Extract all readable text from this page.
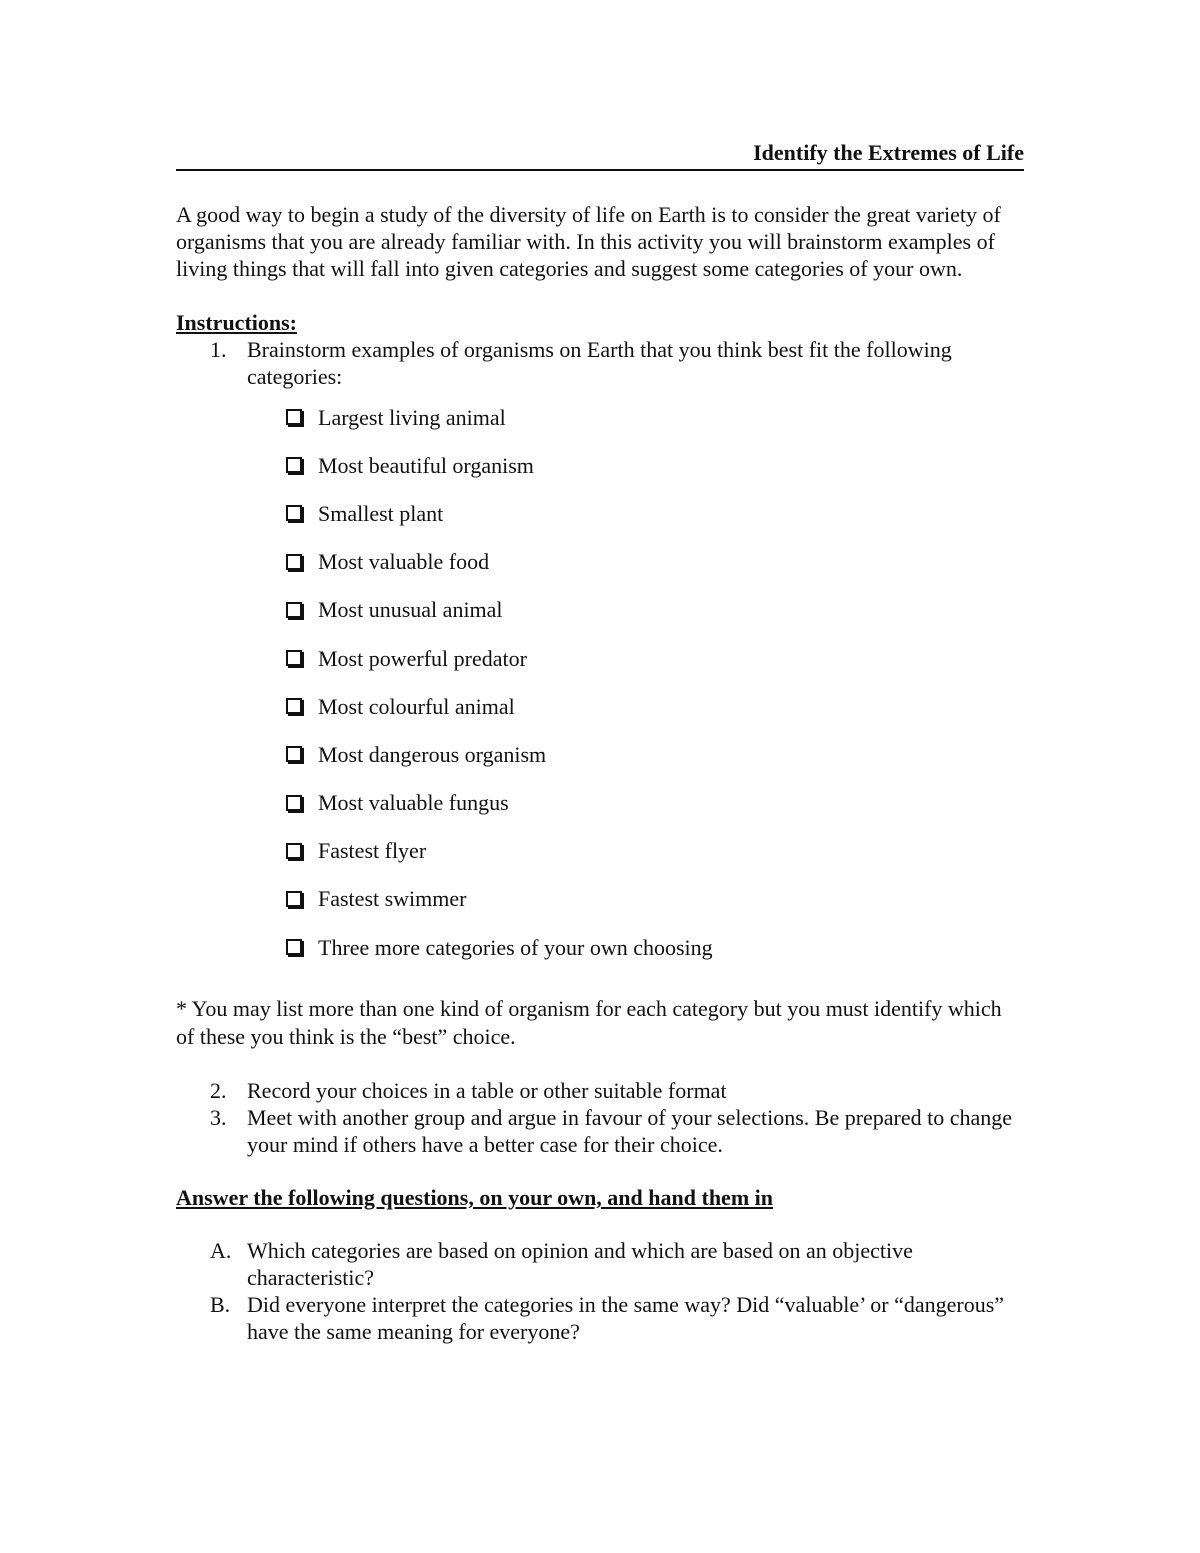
Identify the Extremes of Life

A good way to begin a study of the diversity of life on Earth is to consider the great variety of organisms that you are already familiar with. In this activity you will brainstorm examples of living things that will fall into given categories and suggest some categories of your own.

Instructions:
1. Brainstorm examples of organisms on Earth that you think best fit the following categories:
Largest living animal
Most beautiful organism
Smallest plant
Most valuable food
Most unusual animal
Most powerful predator
Most colourful animal
Most dangerous organism
Most valuable fungus
Fastest flyer
Fastest swimmer
Three more categories of your own choosing
* You may list more than one kind of organism for each category but you must identify which of these you think is the “best” choice.
2. Record your choices in a table or other suitable format
3. Meet with another group and argue in favour of your selections. Be prepared to change your mind if others have a better case for their choice.
Answer the following questions, on your own, and hand them in
A. Which categories are based on opinion and which are based on an objective characteristic?
B. Did everyone interpret the categories in the same way? Did “valuable’ or “dangerous” have the same meaning for everyone?
